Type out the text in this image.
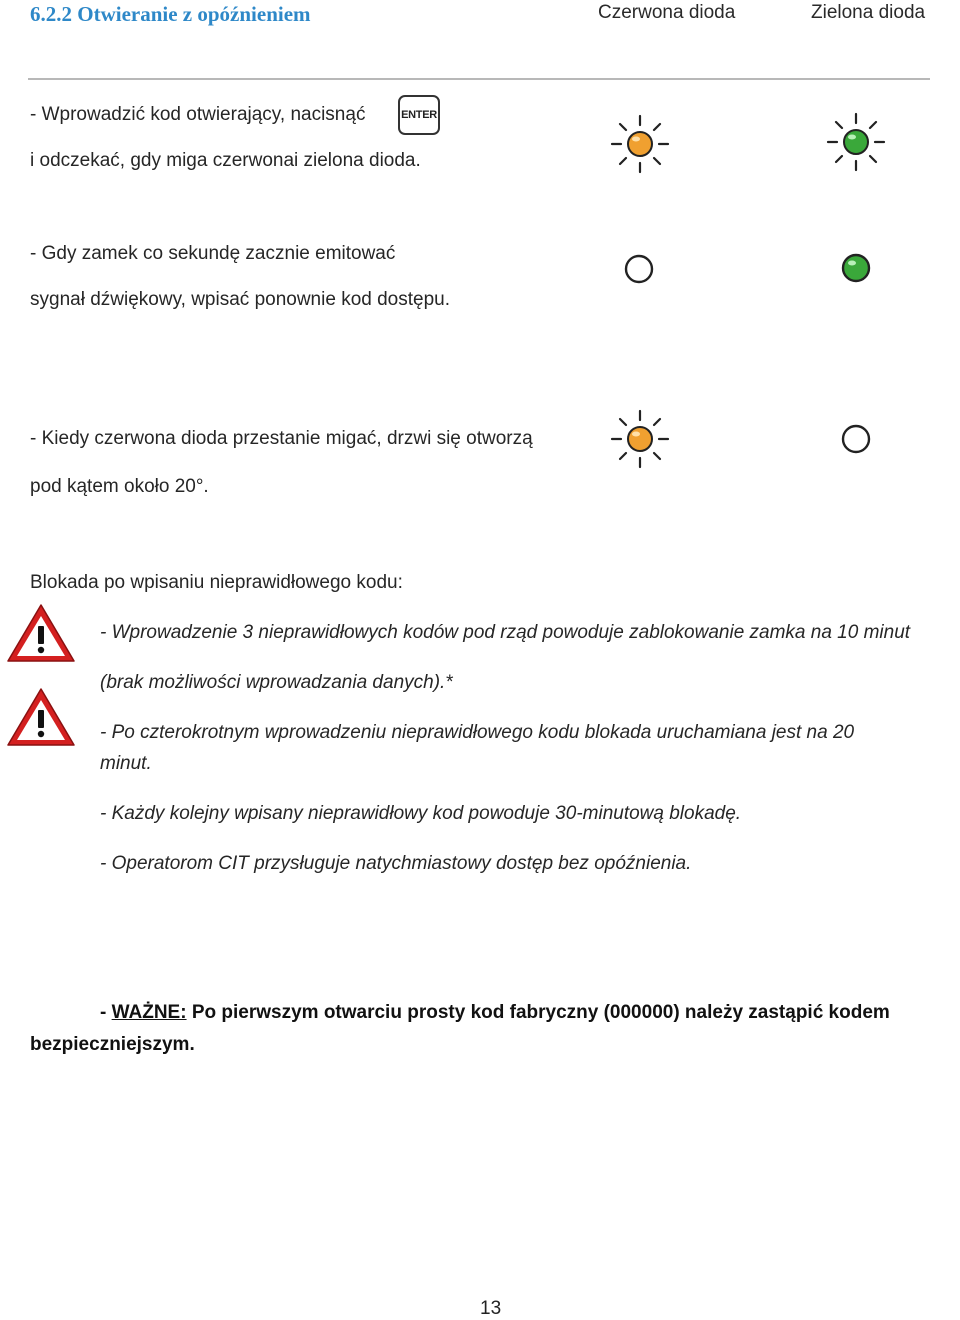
6.2.2 Otwieranie z opóźnieniem	Czerwona dioda	Zielona dioda
- Wprowadzić kod otwierający, nacisnąć	ENTER
i odczekać, gdy miga czerwonai zielona dioda.
- Gdy zamek co sekundę zacznie emitować
sygnał dźwiękowy, wpisać ponownie kod dostępu.
- Kiedy czerwona dioda przestanie migać, drzwi się otworzą
pod kątem około 20°.
Blokada po wpisaniu nieprawidłowego kodu:
- Wprowadzenie 3 nieprawidłowych kodów pod rząd powoduje zablokowanie zamka na 10 minut
(brak możliwości wprowadzania danych).*
- Po czterokrotnym wprowadzeniu nieprawidłowego kodu blokada uruchamiana jest na 20
minut.
- Każdy kolejny wpisany nieprawidłowy kod powoduje 30-minutową blokadę.
- Operatorom CIT przysługuje natychmiastowy dostęp bez opóźnienia.
- WAŻNE: Po pierwszym otwarciu prosty kod fabryczny (000000) należy zastąpić kodem
bezpieczniejszym.
13
